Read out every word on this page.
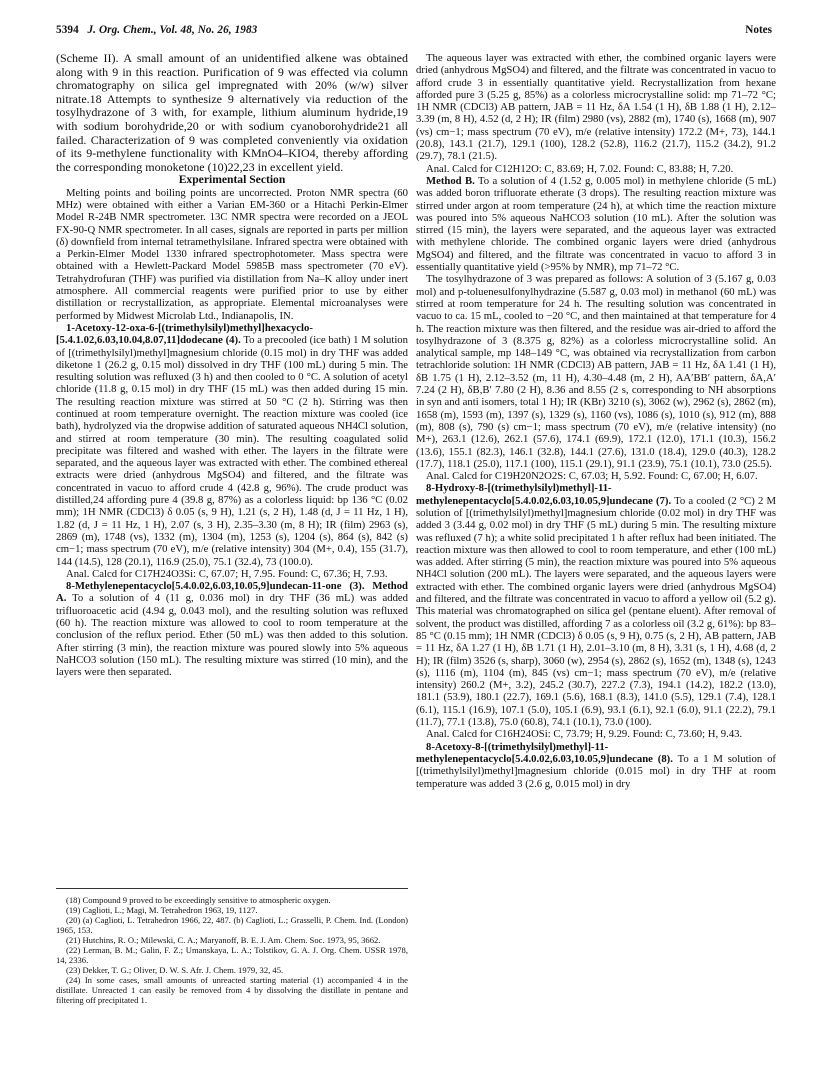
5394 J. Org. Chem., Vol. 48, No. 26, 1983	Notes

(Scheme II). A small amount of an unidentified alkene was obtained along with 9 in this reaction. Purification of 9 was effected via column chromatography on silica gel impregnated with 20% (w/w) silver nitrate.18 Attempts to synthesize 9 alternatively via reduction of the tosylhydrazone of 3 with, for example, lithium aluminum hydride,19 with sodium borohydride,20 or with sodium cyanoborohydride21 all failed. Characterization of 9 was completed conveniently via oxidation of its 9-methylene functionality with KMnO4–KIO4, thereby affording the corresponding monoketone (10)22,23 in excellent yield.

Experimental Section

Melting points and boiling points are uncorrected. Proton NMR spectra (60 MHz) were obtained with either a Varian EM-360 or a Hitachi Perkin-Elmer Model R-24B NMR spectrometer. 13C NMR spectra were recorded on a JEOL FX-90-Q NMR spectrometer. In all cases, signals are reported in parts per million (δ) downfield from internal tetramethylsilane. Infrared spectra were obtained with a Perkin-Elmer Model 1330 infrared spectrophotometer. Mass spectra were obtained with a Hewlett-Packard Model 5985B mass spectrometer (70 eV). Tetrahydrofuran (THF) was purified via distillation from Na–K alloy under inert atmosphere. All commercial reagents were purified prior to use by either distillation or recrystallization, as appropriate. Elemental microanalyses were performed by Midwest Microlab Ltd., Indianapolis, IN.

1-Acetoxy-12-oxa-6-[(trimethylsilyl)methyl]hexacyclo-[5.4.1.02,6.03,10.04,8.07,11]dodecane (4). To a precooled (ice bath) 1 M solution of [(trimethylsilyl)methyl]magnesium chloride (0.15 mol) in dry THF was added diketone 1 (26.2 g, 0.15 mol) dissolved in dry THF (100 mL) during 5 min. The resulting solution was refluxed (3 h) and then cooled to 0 °C. A solution of acetyl chloride (11.8 g, 0.15 mol) in dry THF (15 mL) was then added during 15 min. The resulting reaction mixture was stirred at 50 °C (2 h). Stirring was then continued at room temperature overnight. The reaction mixture was cooled (ice bath), hydrolyzed via the dropwise addition of saturated aqueous NH4Cl solution, and stirred at room temperature (30 min). The resulting coagulated solid precipitate was filtered and washed with ether. The layers in the filtrate were separated, and the aqueous layer was extracted with ether. The combined ethereal extracts were dried (anhydrous MgSO4) and filtered, and the filtrate was concentrated in vacuo to afford crude 4 (42.8 g, 96%). The crude product was distilled,24 affording pure 4 (39.8 g, 87%) as a colorless liquid: bp 136 °C (0.02 mm); 1H NMR (CDCl3) δ 0.05 (s, 9 H), 1.21 (s, 2 H), 1.48 (d, J = 11 Hz, 1 H), 1.82 (d, J = 11 Hz, 1 H), 2.07 (s, 3 H), 2.35–3.30 (m, 8 H); IR (film) 2963 (s), 2869 (m), 1748 (vs), 1332 (m), 1304 (m), 1253 (s), 1204 (s), 864 (s), 842 (s) cm−1; mass spectrum (70 eV), m/e (relative intensity) 304 (M+, 0.4), 155 (31.7), 144 (14.5), 128 (20.1), 116.9 (25.0), 75.1 (32.4), 73 (100.0).

Anal. Calcd for C17H24O3Si: C, 67.07; H, 7.95. Found: C, 67.36; H, 7.93.

8-Methylenepentacyclo[5.4.0.02,6.03,10.05,9]undecan-11-one (3). Method A. To a solution of 4 (11 g, 0.036 mol) in dry THF (36 mL) was added trifluoroacetic acid (4.94 g, 0.043 mol), and the resulting solution was refluxed (60 h). The reaction mixture was allowed to cool to room temperature at the conclusion of the reflux period. Ether (50 mL) was then added to this solution. After stirring (3 min), the reaction mixture was poured slowly into 5% aqueous NaHCO3 solution (150 mL). The resulting mixture was stirred (10 min), and the layers were then separated.

(18) Compound 9 proved to be exceedingly sensitive to atmospheric oxygen.

(19) Caglioti, L.; Magi, M. Tetrahedron 1963, 19, 1127.

(20) (a) Caglioti, L. Tetrahedron 1966, 22, 487. (b) Caglioti, L.; Grasselli, P. Chem. Ind. (London) 1965, 153.

(21) Hutchins, R. O.; Milewski, C. A.; Maryanoff, B. E. J. Am. Chem. Soc. 1973, 95, 3662.

(22) Lerman, B. M.; Galin, F. Z.; Umanskaya, L. A.; Tolstikov, G. A. J. Org. Chem. USSR 1978, 14, 2336.

(23) Dekker, T. G.; Oliver, D. W. S. Afr. J. Chem. 1979, 32, 45.

(24) In some cases, small amounts of unreacted starting material (1) accompanied 4 in the distillate. Unreacted 1 can easily be removed from 4 by dissolving the distillate in pentane and filtering off precipitated 1.

The aqueous layer was extracted with ether, the combined organic layers were dried (anhydrous MgSO4) and filtered, and the filtrate was concentrated in vacuo to afford crude 3 in essentially quantitative yield. Recrystallization from hexane afforded pure 3 (5.25 g, 85%) as a colorless microcrystalline solid: mp 71–72 °C; 1H NMR (CDCl3) AB pattern, JAB = 11 Hz, δA 1.54 (1 H), δB 1.88 (1 H), 2.12–3.39 (m, 8 H), 4.52 (d, 2 H); IR (film) 2980 (vs), 2882 (m), 1740 (s), 1668 (m), 907 (vs) cm−1; mass spectrum (70 eV), m/e (relative intensity) 172.2 (M+, 73), 144.1 (20.8), 143.1 (21.7), 129.1 (100), 128.2 (52.8), 116.2 (21.7), 115.2 (34.2), 91.2 (29.7), 78.1 (21.5).

Anal. Calcd for C12H12O: C, 83.69; H, 7.02. Found: C, 83.88; H, 7.20.

Method B. To a solution of 4 (1.52 g, 0.005 mol) in methylene chloride (5 mL) was added boron trifluorate etherate (3 drops). The resulting reaction mixture was stirred under argon at room temperature (24 h), at which time the reaction mixture was poured into 5% aqueous NaHCO3 solution (10 mL). After the solution was stirred (15 min), the layers were separated, and the aqueous layer was extracted with methylene chloride. The combined organic layers were dried (anhydrous MgSO4) and filtered, and the filtrate was concentrated in vacuo to afford 3 in essentially quantitative yield (>95% by NMR), mp 71–72 °C.

The tosylhydrazone of 3 was prepared as follows: A solution of 3 (5.167 g, 0.03 mol) and p-toluenesulfonylhydrazine (5.587 g, 0.03 mol) in methanol (60 mL) was stirred at room temperature for 24 h. The resulting solution was concentrated in vacuo to ca. 15 mL, cooled to −20 °C, and then maintained at that temperature for 4 h. The reaction mixture was then filtered, and the residue was air-dried to afford the tosylhydrazone of 3 (8.375 g, 82%) as a colorless microcrystalline solid. An analytical sample, mp 148–149 °C, was obtained via recrystallization from carbon tetrachloride solution: 1H NMR (CDCl3) AB pattern, JAB = 11 Hz, δA 1.41 (1 H), δB 1.75 (1 H), 2.12–3.52 (m, 11 H), 4.30–4.48 (m, 2 H), AA′BB′ pattern, δA,A′ 7.24 (2 H), δB,B′ 7.80 (2 H), 8.36 and 8.55 (2 s, corresponding to NH absorptions in syn and anti isomers, total 1 H); IR (KBr) 3210 (s), 3062 (w), 2962 (s), 2862 (m), 1658 (m), 1593 (m), 1397 (s), 1329 (s), 1160 (vs), 1086 (s), 1010 (s), 912 (m), 888 (m), 808 (s), 790 (s) cm−1; mass spectrum (70 eV), m/e (relative intensity) (no M+), 263.1 (12.6), 262.1 (57.6), 174.1 (69.9), 172.1 (12.0), 171.1 (10.3), 156.2 (13.6), 155.1 (82.3), 146.1 (32.8), 144.1 (27.6), 131.0 (18.4), 129.0 (40.3), 128.2 (17.7), 118.1 (25.0), 117.1 (100), 115.1 (29.1), 91.1 (23.9), 75.1 (10.1), 73.0 (25.5).

Anal. Calcd for C19H20N2O2S: C, 67.03; H, 5.92. Found: C, 67.00; H, 6.07.

8-Hydroxy-8-[(trimethylsilyl)methyl]-11-methylenepentacyclo[5.4.0.02,6.03,10.05,9]undecane (7). To a cooled (2 °C) 2 M solution of [(trimethylsilyl)methyl]magnesium chloride (0.02 mol) in dry THF was added 3 (3.44 g, 0.02 mol) in dry THF (5 mL) during 5 min. The resulting mixture was refluxed (7 h); a white solid precipitated 1 h after reflux had been initiated. The reaction mixture was then allowed to cool to room temperature, and ether (100 mL) was added. After stirring (5 min), the reaction mixture was poured into 5% aqueous NH4Cl solution (200 mL). The layers were separated, and the aqueous layers were extracted with ether. The combined organic layers were dried (anhydrous MgSO4) and filtered, and the filtrate was concentrated in vacuo to afford a yellow oil (5.2 g). This material was chromatographed on silica gel (pentane eluent). After removal of solvent, the product was distilled, affording 7 as a colorless oil (3.2 g, 61%): bp 83–85 °C (0.15 mm); 1H NMR (CDCl3) δ 0.05 (s, 9 H), 0.75 (s, 2 H), AB pattern, JAB = 11 Hz, δA 1.27 (1 H), δB 1.71 (1 H), 2.01–3.10 (m, 8 H), 3.31 (s, 1 H), 4.68 (d, 2 H); IR (film) 3526 (s, sharp), 3060 (w), 2954 (s), 2862 (s), 1652 (m), 1348 (s), 1243 (s), 1116 (m), 1104 (m), 845 (vs) cm−1; mass spectrum (70 eV), m/e (relative intensity) 260.2 (M+, 3.2), 245.2 (30.7), 227.2 (7.3), 194.1 (14.2), 182.2 (13.0), 181.1 (53.9), 180.1 (22.7), 169.1 (5.6), 168.1 (8.3), 141.0 (5.5), 129.1 (7.4), 128.1 (6.1), 115.1 (16.9), 107.1 (5.0), 105.1 (6.9), 93.1 (6.1), 92.1 (6.0), 91.1 (22.2), 79.1 (11.7), 77.1 (13.8), 75.0 (60.8), 74.1 (10.1), 73.0 (100).

Anal. Calcd for C16H24OSi: C, 73.79; H, 9.29. Found: C, 73.60; H, 9.43.

8-Acetoxy-8-[(trimethylsilyl)methyl]-11-methylenepentacyclo[5.4.0.02,6.03,10.05,9]undecane (8). To a 1 M solution of [(trimethylsilyl)methyl]magnesium chloride (0.015 mol) in dry THF at room temperature was added 3 (2.6 g, 0.015 mol) in dry
